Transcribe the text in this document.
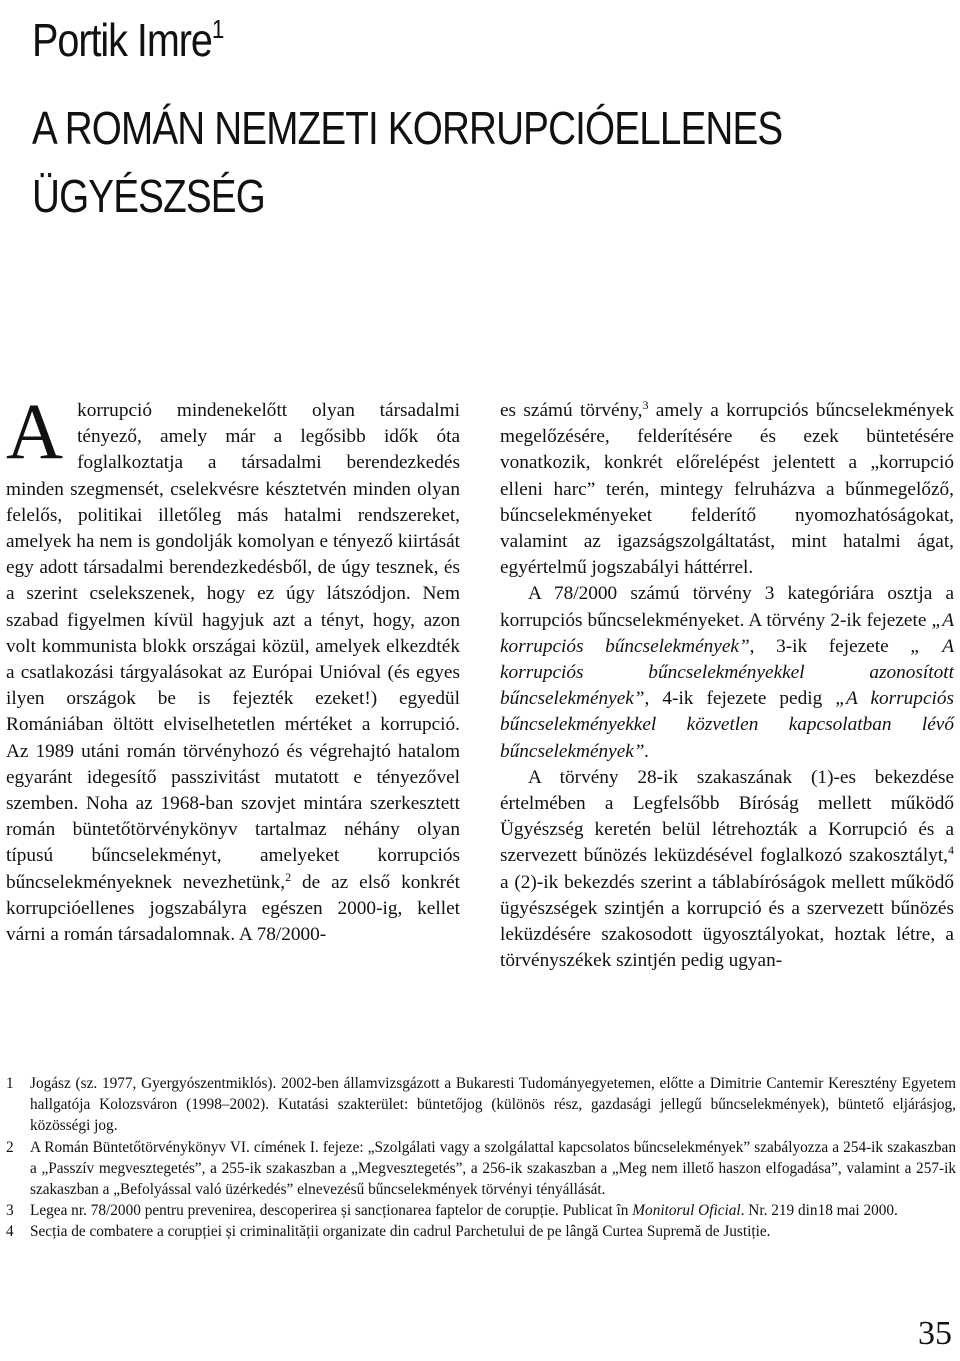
Portik Imre$^1$
A ROMÁN NEMZETI KORRUPCIÓELLENES
ÜGYÉSZSÉG

Akorrupció mindenekelőtt olyan társadalmi tényező, amely már a legősibb idők óta foglalkoztatja a társadalmi berendezkedés minden szegmensét, cselekvésre késztetvén minden olyan felelős, politikai illetőleg más hatalmi rendszereket, amelyek ha nem is gondolják komolyan e tényező kiirtását egy adott társadalmi berendezkedésből, de úgy tesznek, és a szerint cselekszenek, hogy ez úgy látszódjon. Nem szabad figyelmen kívül hagyjuk azt a tényt, hogy, azon volt kommunista blokk országai közül, amelyek elkezdték a csatlakozási tárgyalásokat az Európai Unióval (és egyes ilyen országok be is fejezték ezeket!) egyedül Romániában öltött elviselhetetlen mértéket a korrupció. Az 1989 utáni román törvényhozó és végrehajtó hatalom egyaránt idegesítő passzivitást mutatott e tényezővel szemben. Noha az 1968-ban szovjet mintára szerkesztett román büntetőtörvénykönyv tartalmaz néhány olyan típusú bűncselekményt, amelyeket korrupciós bűncselekményeknek nevezhetünk,$^2$ de az első konkrét korrupcióellenes jogszabályra egészen 2000-ig, kellet várni a román társadalomnak. A 78/2000-

es számú törvény,$^3$ amely a korrupciós bűncselekmények megelőzésére, felderítésére és ezek büntetésére vonatkozik, konkrét előrelépést jelentett a „korrupció elleni harc” terén, mintegy felruházva a bűnmegelőző, bűncselekményeket felderítő nyomozhatóságokat, valamint az igazságszolgáltatást, mint hatalmi ágat, egyértelmű jogszabályi háttérrel.

A 78/2000 számú törvény 3 kategóriára osztja a korrupciós bűncselekményeket. A törvény 2-ik fejezete „A korrupciós bűncselekmények”, 3-ik fejezete „ A korrupciós bűncselekményekkel azonosított bűncselekmények”, 4-ik fejezete pedig „A korrupciós bűncselekményekkel közvetlen kapcsolatban lévő bűncselekmények”.

A törvény 28-ik szakaszának (1)-es bekezdése értelmében a Legfelsőbb Bíróság mellett működő Ügyészség keretén belül létrehozták a Korrupció és a szervezett bűnözés leküzdésével foglalkozó szakosztályt,$^4$ a (2)-ik bekezdés szerint a táblabíróságok mellett működő ügyészségek szintjén a korrupció és a szervezett bűnözés leküzdésére szakosodott ügyosztályokat, hoztak létre, a törvényszékek szintjén pedig ugyan-

1 Jogász (sz. 1977, Gyergyószentmiklós). 2002-ben államvizsgázott a Bukaresti Tudományegyetemen, előtte a Dimitrie Cantemir Keresztény Egyetem hallgatója Kolozsváron (1998–2002). Kutatási szakterület: büntetőjog (különös rész, gazdasági jellegű bűncselekmények), büntető eljárásjog, közösségi jog.
2 A Román Büntetőtörvénykönyv VI. címének I. fejeze: „Szolgálati vagy a szolgálattal kapcsolatos bűncselekmények” szabályozza a 254-ik szakaszban a „Passzív megvesztegetés”, a 255-ik szakaszban a „Megvesztegetés”, a 256-ik szakaszban a „Meg nem illető haszon elfogadása”, valamint a 257-ik szakaszban a „Befolyással való üzérkedés” elnevezésű bűncselekmények törvényi tényállását.
3 Legea nr. 78/2000 pentru prevenirea, descoperirea și sancționarea faptelor de corupție. Publicat în Monitorul Oficial. Nr. 219 din18 mai 2000.
4 Secția de combatere a corupției și criminalității organizate din cadrul Parchetului de pe lângă Curtea Supremă de Justiție.
35
